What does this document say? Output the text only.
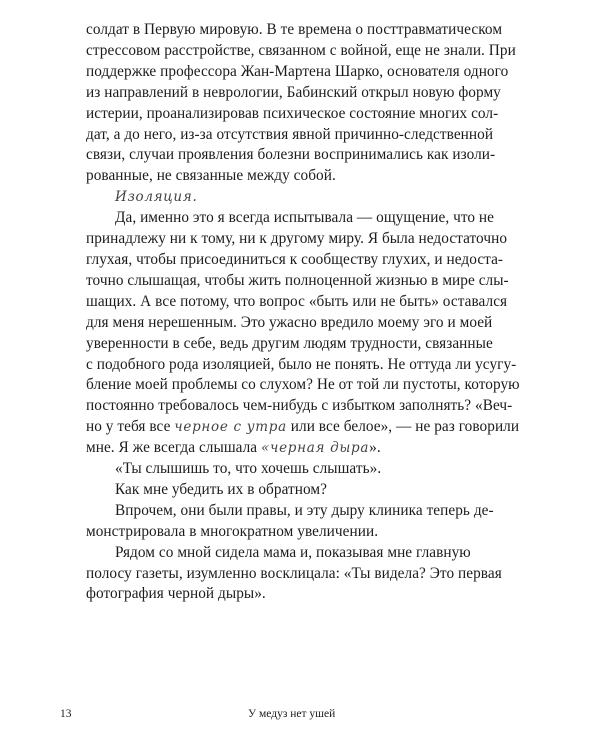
солдат в Первую мировую. В те времена о посттравматическом
стрессовом расстройстве, связанном с войной, еще не знали. При
поддержке профессора Жан-Мартена Шарко, основателя одного
из направлений в неврологии, Бабинский открыл новую форму
истерии, проанализировав психическое состояние многих сол-
дат, а до него, из-за отсутствия явной причинно-следственной
связи, случаи проявления болезни воспринимались как изоли-
рованные, не связанные между собой.
Изоляция.
Да, именно это я всегда испытывала — ощущение, что не
принадлежу ни к тому, ни к другому миру. Я была недостаточно
глухая, чтобы присоединиться к сообществу глухих, и недоста-
точно слышащая, чтобы жить полноценной жизнью в мире слы-
шащих. А все потому, что вопрос «быть или не быть» оставался
для меня нерешенным. Это ужасно вредило моему эго и моей
уверенности в себе, ведь другим людям трудности, связанные
с подобного рода изоляцией, было не понять. Не оттуда ли усугу-
бление моей проблемы со слухом? Не от той ли пустоты, которую
постоянно требовалось чем-нибудь с избытком заполнять? «Веч-
но у тебя все черное с утра или все белое», — не раз говорили
мне. Я же всегда слышала «черная дыра».
«Ты слышишь то, что хочешь слышать».
Как мне убедить их в обратном?
Впрочем, они были правы, и эту дыру клиника теперь де-
монстрировала в многократном увеличении.
Рядом со мной сидела мама и, показывая мне главную
полосу газеты, изумленно восклицала: «Ты видела? Это первая
фотография черной дыры».
13	У медуз нет ушей
